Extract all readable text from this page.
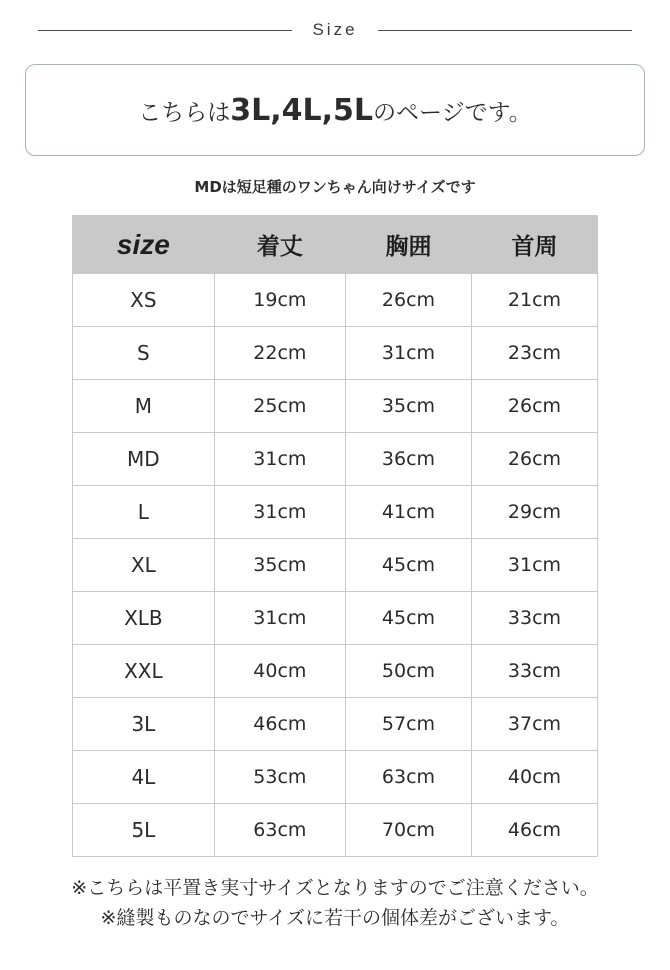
Size
こちらは3L,4L,5Lのページです。
MDは短足種のワンちゃん向けサイズです
size	着丈	胸囲	首周
XS	19cm	26cm	21cm
S	22cm	31cm	23cm
M	25cm	35cm	26cm
MD	31cm	36cm	26cm
L	31cm	41cm	29cm
XL	35cm	45cm	31cm
XLB	31cm	45cm	33cm
XXL	40cm	50cm	33cm
3L	46cm	57cm	37cm
4L	53cm	63cm	40cm
5L	63cm	70cm	46cm
※こちらは平置き実寸サイズとなりますのでご注意ください。
※縫製ものなのでサイズに若干の個体差がございます。
